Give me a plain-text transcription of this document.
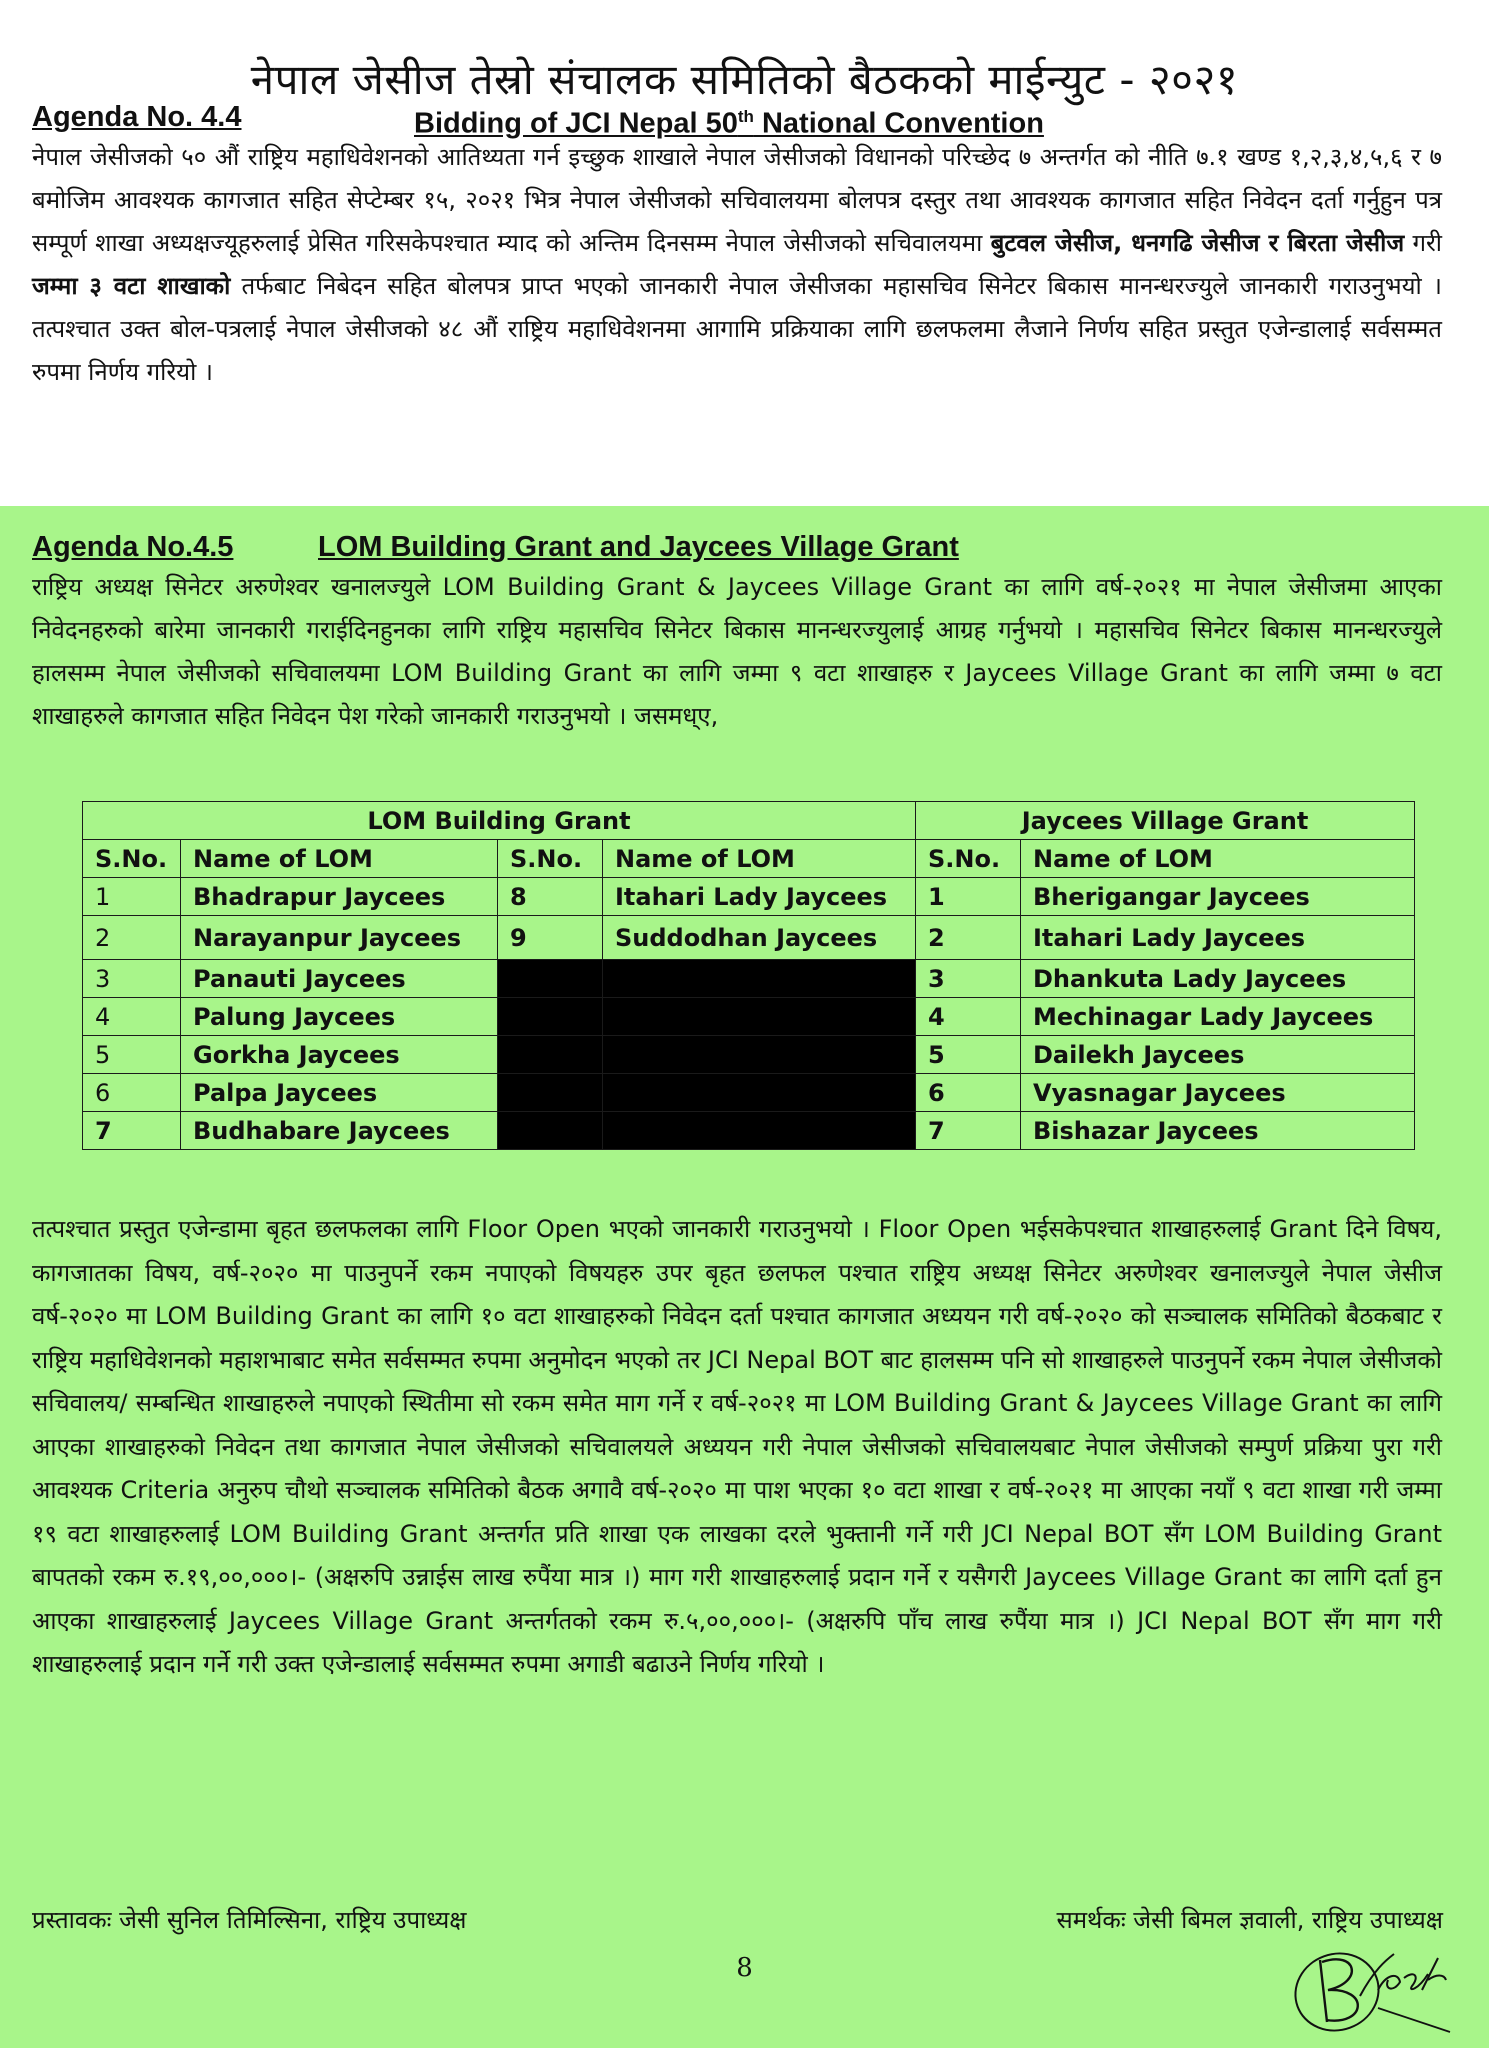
नेपाल जेसीज तेस्रो संचालक समितिको बैठकको माईन्युट - २०२१
Agenda No. 4.4	Bidding of JCI Nepal 50th National Convention

नेपाल जेसीजको ५० औं राष्ट्रिय महाधिवेशनको आतिथ्यता गर्न इच्छुक शाखाले नेपाल जेसीजको विधानको परिच्छेद ७ अन्तर्गत को नीति ७.१ खण्ड १,२,३,४,५,६ र ७ बमोजिम आवश्यक कागजात सहित सेप्टेम्बर १५, २०२१ भित्र नेपाल जेसीजको सचिवालयमा बोलपत्र दस्तुर तथा आवश्यक कागजात सहित निवेदन दर्ता गर्नुहुन पत्र सम्पूर्ण शाखा अध्यक्षज्यूहरुलाई प्रेसित गरिसकेपश्चात म्याद को अन्तिम दिनसम्म नेपाल जेसीजको सचिवालयमा बुटवल जेसीज, धनगढि जेसीज र बिरता जेसीज गरी जम्मा ३ वटा शाखाको तर्फबाट निबेदन सहित बोलपत्र प्राप्त भएको जानकारी नेपाल जेसीजका महासचिव सिनेटर बिकास मानन्धरज्युले जानकारी गराउनुभयो । तत्पश्चात उक्त बोल-पत्रलाई नेपाल जेसीजको ४८ औं राष्ट्रिय महाधिवेशनमा आगामि प्रक्रियाका लागि छलफलमा लैजाने निर्णय सहित प्रस्तुत एजेन्डालाई सर्वसम्मत रुपमा निर्णय गरियो ।

Agenda No.4.5	LOM Building Grant and Jaycees Village Grant

राष्ट्रिय अध्यक्ष सिनेटर अरुणेश्वर खनालज्युले LOM Building Grant & Jaycees Village Grant का लागि वर्ष-२०२१ मा नेपाल जेसीजमा आएका निवेदनहरुको बारेमा जानकारी गराईदिनहुनका लागि राष्ट्रिय महासचिव सिनेटर बिकास मानन्धरज्युलाई आग्रह गर्नुभयो । महासचिव सिनेटर बिकास मानन्धरज्युले हालसम्म नेपाल जेसीजको सचिवालयमा LOM Building Grant का लागि जम्मा ९ वटा शाखाहरु र Jaycees Village Grant का लागि जम्मा ७ वटा शाखाहरुले कागजात सहित निवेदन पेश गरेको जानकारी गराउनुभयो । जसमध्ए,

LOM Building Grant				Jaycees Village Grant	
S.No.	Name of LOM	S.No.	Name of LOM	S.No.	Name of LOM
1	Bhadrapur Jaycees	8	Itahari Lady Jaycees	1	Bherigangar Jaycees
2	Narayanpur Jaycees	9	Suddodhan Jaycees	2	Itahari Lady Jaycees
3	Panauti Jaycees			3	Dhankuta Lady Jaycees
4	Palung Jaycees			4	Mechinagar Lady Jaycees
5	Gorkha Jaycees			5	Dailekh Jaycees
6	Palpa Jaycees			6	Vyasnagar Jaycees
7	Budhabare Jaycees			7	Bishazar Jaycees

तत्पश्चात प्रस्तुत एजेन्डामा बृहत छलफलका लागि Floor Open भएको जानकारी गराउनुभयो । Floor Open भईसकेपश्चात शाखाहरुलाई Grant दिने विषय, कागजातका विषय, वर्ष-२०२० मा पाउनुपर्ने रकम नपाएको विषयहरु उपर बृहत छलफल पश्चात राष्ट्रिय अध्यक्ष सिनेटर अरुणेश्वर खनालज्युले नेपाल जेसीज वर्ष-२०२० मा LOM Building Grant का लागि १० वटा शाखाहरुको निवेदन दर्ता पश्चात कागजात अध्ययन गरी वर्ष-२०२० को सञ्चालक समितिको बैठकबाट र राष्ट्रिय महाधिवेशनको महाशभाबाट समेत सर्वसम्मत रुपमा अनुमोदन भएको तर JCI Nepal BOT बाट हालसम्म पनि सो शाखाहरुले पाउनुपर्ने रकम नेपाल जेसीजको सचिवालय/ सम्बन्धित शाखाहरुले नपाएको स्थितीमा सो रकम समेत माग गर्ने र वर्ष-२०२१ मा LOM Building Grant & Jaycees Village Grant का लागि आएका शाखाहरुको निवेदन तथा कागजात नेपाल जेसीजको सचिवालयले अध्ययन गरी नेपाल जेसीजको सचिवालयबाट नेपाल जेसीजको सम्पुर्ण प्रक्रिया पुरा गरी आवश्यक Criteria अनुरुप चौथो सञ्चालक समितिको बैठक अगावै वर्ष-२०२० मा पाश भएका १० वटा शाखा र वर्ष-२०२१ मा आएका नयाँ ९ वटा शाखा गरी जम्मा १९ वटा शाखाहरुलाई LOM Building Grant अन्तर्गत प्रति शाखा एक लाखका दरले भुक्तानी गर्ने गरी JCI Nepal BOT सँग LOM Building Grant बापतको रकम रु.१९,००,०००।- (अक्षरुपि उन्नाईस लाख रुपैंया मात्र ।) माग गरी शाखाहरुलाई प्रदान गर्ने र यसैगरी Jaycees Village Grant का लागि दर्ता हुन आएका शाखाहरुलाई Jaycees Village Grant अन्तर्गतको रकम रु.५,००,०००।- (अक्षरुपि पाँच लाख रुपैंया मात्र ।) JCI Nepal BOT सँग माग गरी शाखाहरुलाई प्रदान गर्ने गरी उक्त एजेन्डालाई सर्वसम्मत रुपमा अगाडी बढाउने निर्णय गरियो ।

प्रस्तावकः जेसी सुनिल तिमिल्सिना, राष्ट्रिय उपाध्यक्ष	समर्थकः जेसी बिमल ज्ञवाली, राष्ट्रिय उपाध्यक्ष
8
